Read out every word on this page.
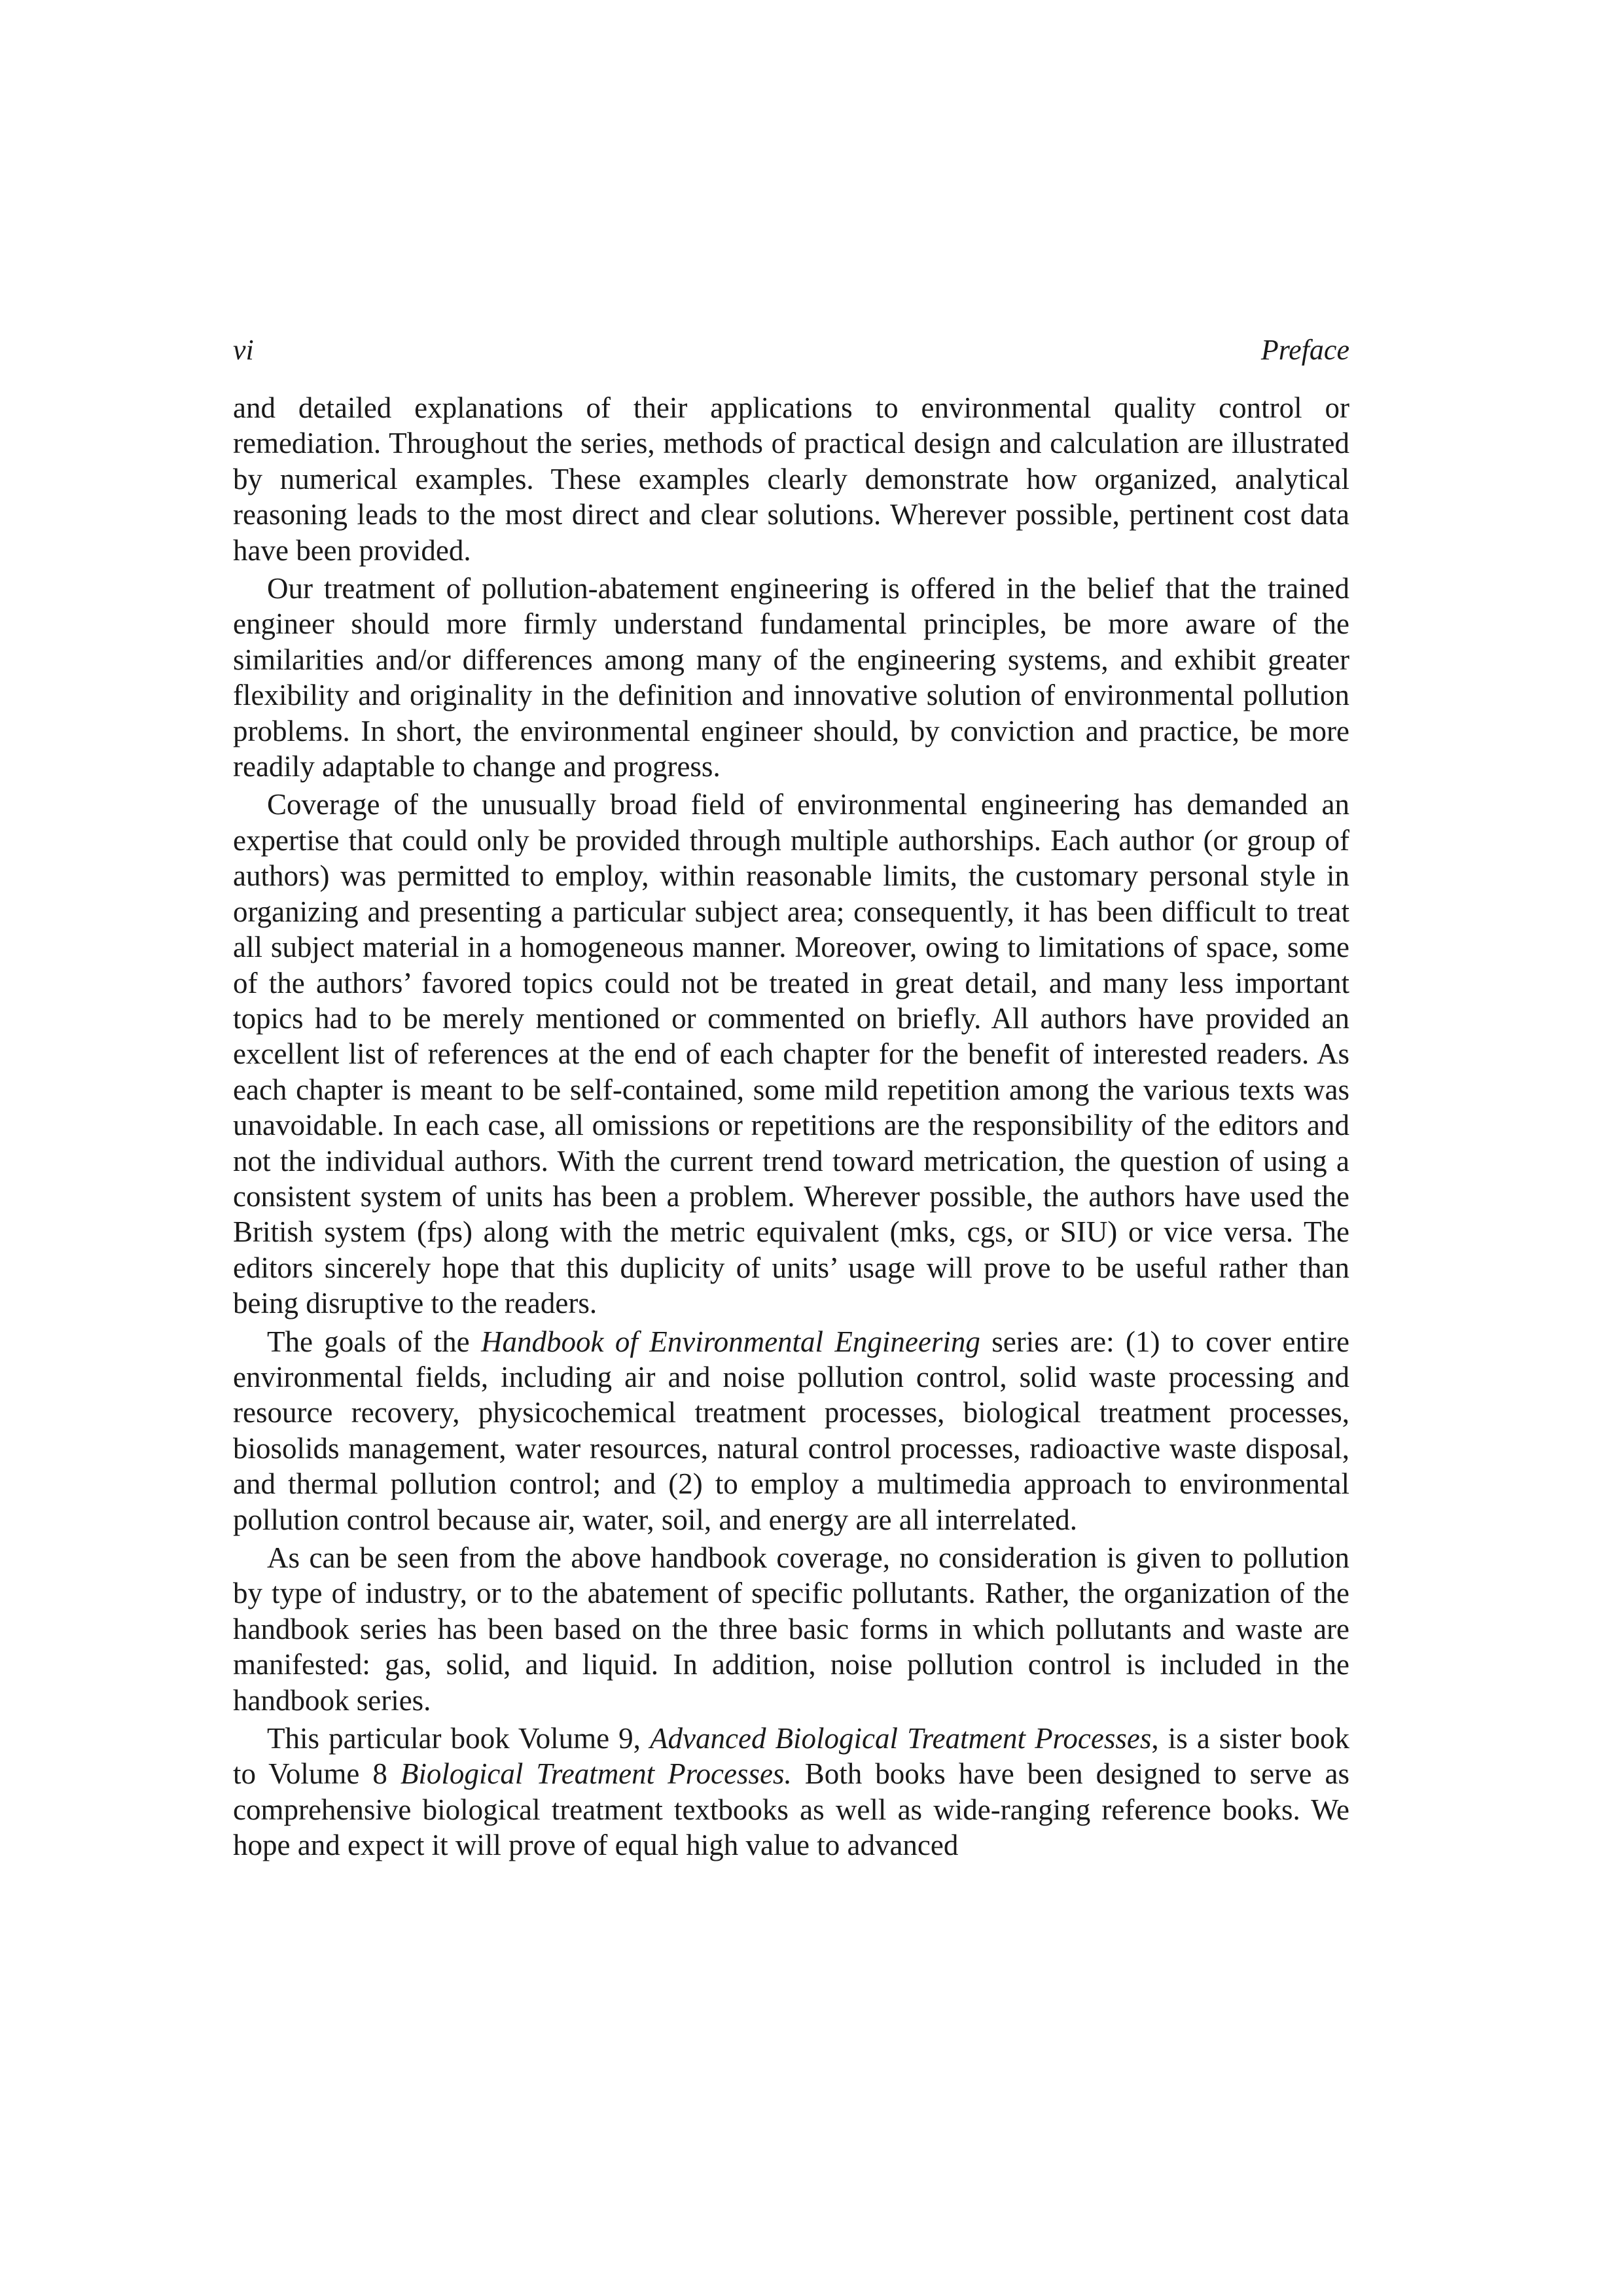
vi	Preface

and detailed explanations of their applications to environmental quality control or remediation. Throughout the series, methods of practical design and calculation are illustrated by numerical examples. These examples clearly demonstrate how organized, analytical reasoning leads to the most direct and clear solutions. Wherever possible, pertinent cost data have been provided.

Our treatment of pollution-abatement engineering is offered in the belief that the trained engineer should more firmly understand fundamental principles, be more aware of the similarities and/or differences among many of the engineering systems, and exhibit greater flexibility and originality in the definition and innovative solution of environmental pollution problems. In short, the environmental engineer should, by conviction and practice, be more readily adaptable to change and progress.

Coverage of the unusually broad field of environmental engineering has demanded an expertise that could only be provided through multiple authorships. Each author (or group of authors) was permitted to employ, within reasonable limits, the customary personal style in organizing and presenting a particular subject area; consequently, it has been difficult to treat all subject material in a homogeneous manner. Moreover, owing to limitations of space, some of the authors’ favored topics could not be treated in great detail, and many less important topics had to be merely mentioned or commented on briefly. All authors have provided an excellent list of references at the end of each chapter for the benefit of interested readers. As each chapter is meant to be self-contained, some mild repetition among the various texts was unavoidable. In each case, all omissions or repetitions are the responsibility of the editors and not the individual authors. With the current trend toward metrication, the question of using a consistent system of units has been a problem. Wherever possible, the authors have used the British system (fps) along with the metric equivalent (mks, cgs, or SIU) or vice versa. The editors sincerely hope that this duplicity of units’ usage will prove to be useful rather than being disruptive to the readers.

The goals of the Handbook of Environmental Engineering series are: (1) to cover entire environmental fields, including air and noise pollution control, solid waste processing and resource recovery, physicochemical treatment processes, biological treatment processes, biosolids management, water resources, natural control processes, radioactive waste disposal, and thermal pollution control; and (2) to employ a multimedia approach to environmental pollution control because air, water, soil, and energy are all interrelated.

As can be seen from the above handbook coverage, no consideration is given to pollution by type of industry, or to the abatement of specific pollutants. Rather, the organization of the handbook series has been based on the three basic forms in which pollutants and waste are manifested: gas, solid, and liquid. In addition, noise pollution control is included in the handbook series.

This particular book Volume 9, Advanced Biological Treatment Processes, is a sister book to Volume 8 Biological Treatment Processes. Both books have been designed to serve as comprehensive biological treatment textbooks as well as wide-ranging reference books. We hope and expect it will prove of equal high value to advanced
